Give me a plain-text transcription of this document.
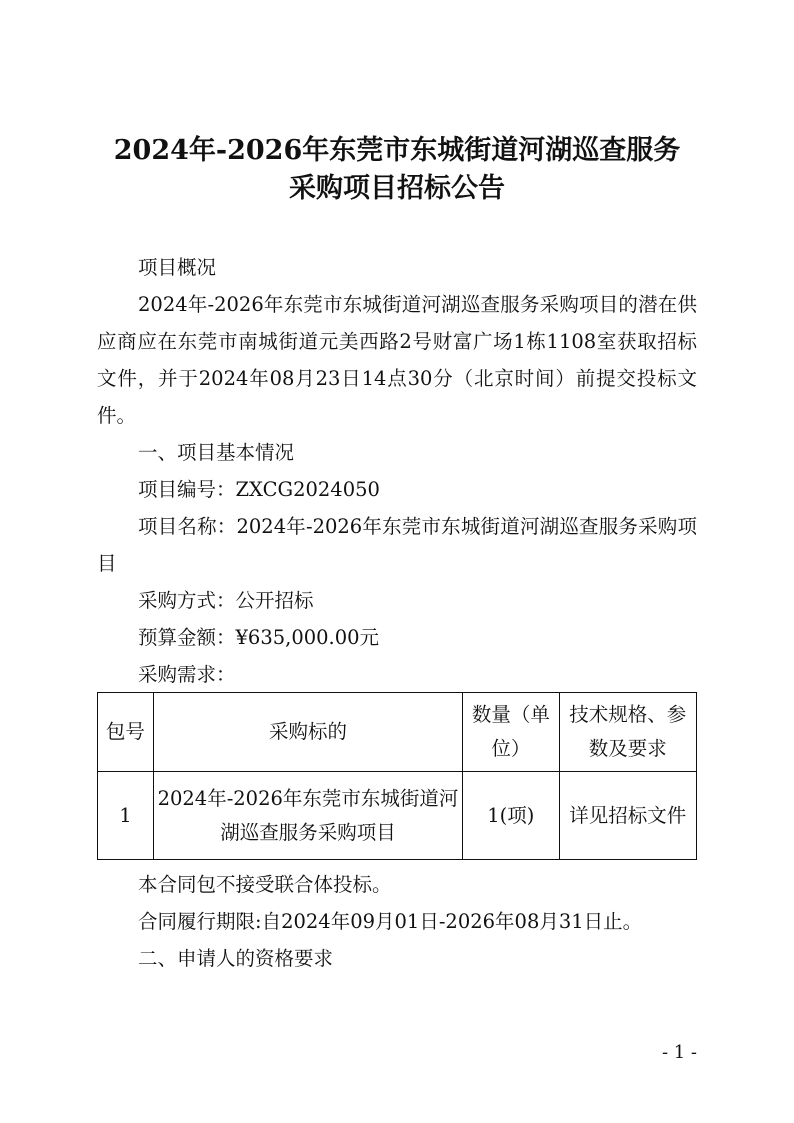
2024年-2026年东莞市东城街道河湖巡查服务
采购项目招标公告

项目概况

2024年-2026年东莞市东城街道河湖巡查服务采购项目的潜在供应商应在东莞市南城街道元美西路2号财富广场1栋1108室获取招标文件，并于2024年08月23日14点30分（北京时间）前提交投标文件。

一、项目基本情况

项目编号：ZXCG2024050

项目名称：2024年-2026年东莞市东城街道河湖巡查服务采购项目

采购方式：公开招标

预算金额：¥635,000.00元

采购需求：

包号	采购标的	数量（单位）	技术规格、参数及要求
1	2024年-2026年东莞市东城街道河湖巡查服务采购项目	1(项)	详见招标文件

本合同包不接受联合体投标。

合同履行期限:自2024年09月01日-2026年08月31日止。

二、申请人的资格要求

- 1 -
